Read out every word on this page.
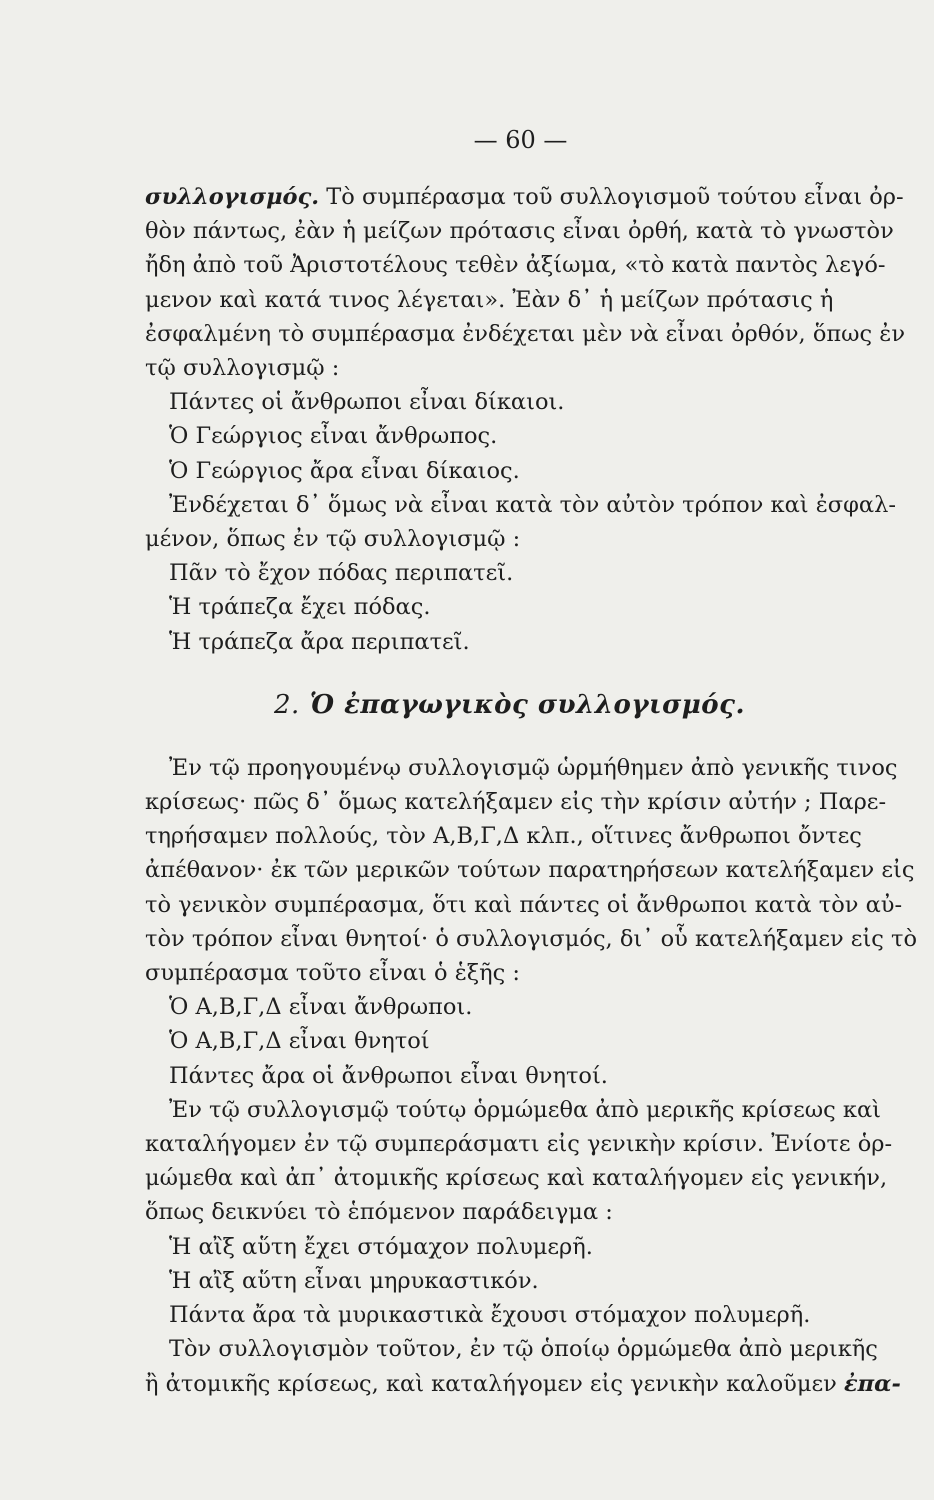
— 60 —
συλλογισμός. Τὸ συμπέρασμα τοῦ συλλογισμοῦ τούτου εἶναι ὀρ-
θὸν πάντως, ἐὰν ἡ μείζων πρότασις εἶναι ὀρθή, κατὰ τὸ γνωστὸν
ἤδη ἀπὸ τοῦ Ἀριστοτέλους τεθὲν ἀξίωμα, «τὸ κατὰ παντὸς λεγό-
μενον καὶ κατά τινος λέγεται». Ἐὰν δ᾽ ἡ μείζων πρότασις ἡ
ἐσφαλμένη τὸ συμπέρασμα ἐνδέχεται μὲν νὰ εἶναι ὀρθόν, ὅπως ἐν
τῷ συλλογισμῷ :
Πάντες οἱ ἄνθρωποι εἶναι δίκαιοι.
Ὁ Γεώργιος εἶναι ἄνθρωπος.
Ὁ Γεώργιος ἄρα εἶναι δίκαιος.
Ἐνδέχεται δ᾽ ὅμως νὰ εἶναι κατὰ τὸν αὐτὸν τρόπον καὶ ἐσφαλ-
μένον, ὅπως ἐν τῷ συλλογισμῷ :
Πᾶν τὸ ἔχον πόδας περιπατεῖ.
Ἡ τράπεζα ἔχει πόδας.
Ἡ τράπεζα ἄρα περιπατεῖ.
2. Ὁ ἐπαγωγικὸς συλλογισμός.
Ἐν τῷ προηγουμένῳ συλλογισμῷ ὡρμήθημεν ἀπὸ γενικῆς τινος
κρίσεως· πῶς δ᾽ ὅμως κατελήξαμεν εἰς τὴν κρίσιν αὐτήν ; Παρε-
τηρήσαμεν πολλούς, τὸν Α,Β,Γ,Δ κλπ., οἵτινες ἄνθρωποι ὄντες
ἀπέθανον· ἐκ τῶν μερικῶν τούτων παρατηρήσεων κατελήξαμεν εἰς
τὸ γενικὸν συμπέρασμα, ὅτι καὶ πάντες οἱ ἄνθρωποι κατὰ τὸν αὐ-
τὸν τρόπον εἶναι θνητοί· ὁ συλλογισμός, δι᾽ οὗ κατελήξαμεν εἰς τὸ
συμπέρασμα τοῦτο εἶναι ὁ ἑξῆς :
Ὁ Α,Β,Γ,Δ εἶναι ἄνθρωποι.
Ὁ Α,Β,Γ,Δ εἶναι θνητοί
Πάντες ἄρα οἱ ἄνθρωποι εἶναι θνητοί.
Ἐν τῷ συλλογισμῷ τούτῳ ὁρμώμεθα ἀπὸ μερικῆς κρίσεως καὶ
καταλήγομεν ἐν τῷ συμπεράσματι εἰς γενικὴν κρίσιν. Ἐνίοτε ὁρ-
μώμεθα καὶ ἀπ᾽ ἀτομικῆς κρίσεως καὶ καταλήγομεν εἰς γενικήν,
ὅπως δεικνύει τὸ ἑπόμενον παράδειγμα :
Ἡ αἲξ αὕτη ἔχει στόμαχον πολυμερῆ.
Ἡ αἲξ αὕτη εἶναι μηρυκαστικόν.
Πάντα ἄρα τὰ μυρικαστικὰ ἔχουσι στόμαχον πολυμερῆ.
Τὸν συλλογισμὸν τοῦτον, ἐν τῷ ὁποίῳ ὁρμώμεθα ἀπὸ μερικῆς
ἢ ἀτομικῆς κρίσεως, καὶ καταλήγομεν εἰς γενικὴν καλοῦμεν ἐπα-
